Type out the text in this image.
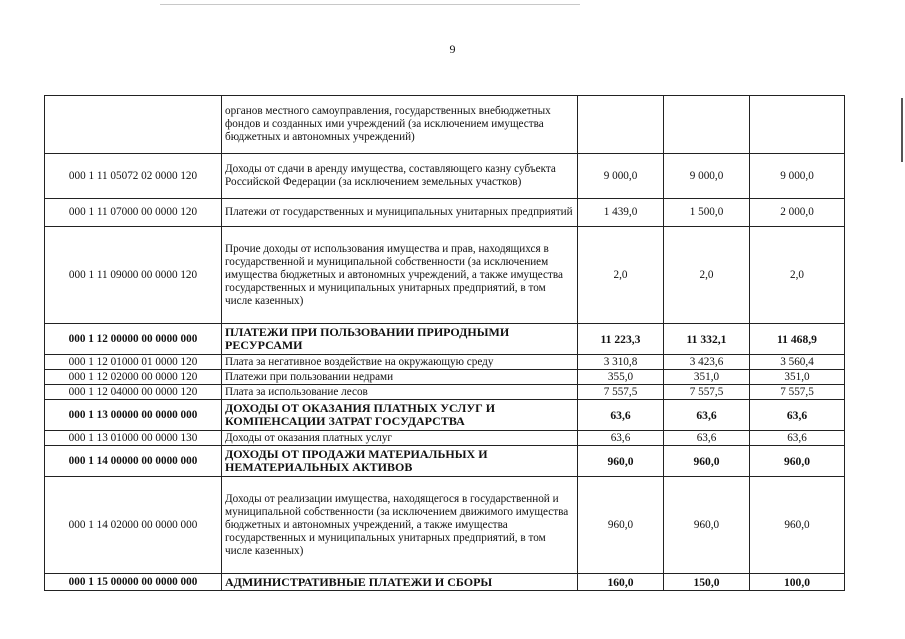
9
	органов местного самоуправления, государственных внебюджетных фондов и созданных ими учреждений (за исключением имущества бюджетных и автономных учреждений)			
000 1 11 05072 02 0000 120	Доходы от сдачи в аренду имущества, составляющего казну субъекта Российской Федерации (за исключением земельных участков)	9 000,0	9 000,0	9 000,0
000 1 11 07000 00 0000 120	Платежи от государственных и муниципальных унитарных предприятий	1 439,0	1 500,0	2 000,0
000 1 11 09000 00 0000 120	Прочие доходы от использования имущества и прав, находящихся в государственной и муниципальной собственности (за исключением имущества бюджетных и автономных учреждений, а также имущества государственных и муниципальных унитарных предприятий, в том числе казенных)	2,0	2,0	2,0
000 1 12 00000 00 0000 000	ПЛАТЕЖИ ПРИ ПОЛЬЗОВАНИИ ПРИРОДНЫМИ РЕСУРСАМИ	11 223,3	11 332,1	11 468,9
000 1 12 01000 01 0000 120	Плата за негативное воздействие на окружающую среду	3 310,8	3 423,6	3 560,4
000 1 12 02000 00 0000 120	Платежи при пользовании недрами	355,0	351,0	351,0
000 1 12 04000 00 0000 120	Плата за использование лесов	7 557,5	7 557,5	7 557,5
000 1 13 00000 00 0000 000	ДОХОДЫ ОТ ОКАЗАНИЯ ПЛАТНЫХ УСЛУГ И КОМПЕНСАЦИИ ЗАТРАТ ГОСУДАРСТВА	63,6	63,6	63,6
000 1 13 01000 00 0000 130	Доходы от оказания платных услуг	63,6	63,6	63,6
000 1 14 00000 00 0000 000	ДОХОДЫ ОТ ПРОДАЖИ МАТЕРИАЛЬНЫХ И НЕМАТЕРИАЛЬНЫХ АКТИВОВ	960,0	960,0	960,0
000 1 14 02000 00 0000 000	Доходы от реализации имущества, находящегося в государственной и муниципальной собственности (за исключением движимого имущества бюджетных и автономных учреждений, а также имущества государственных и муниципальных унитарных предприятий, в том числе казенных)	960,0	960,0	960,0
000 1 15 00000 00 0000 000	АДМИНИСТРАТИВНЫЕ ПЛАТЕЖИ И СБОРЫ	160,0	150,0	100,0
